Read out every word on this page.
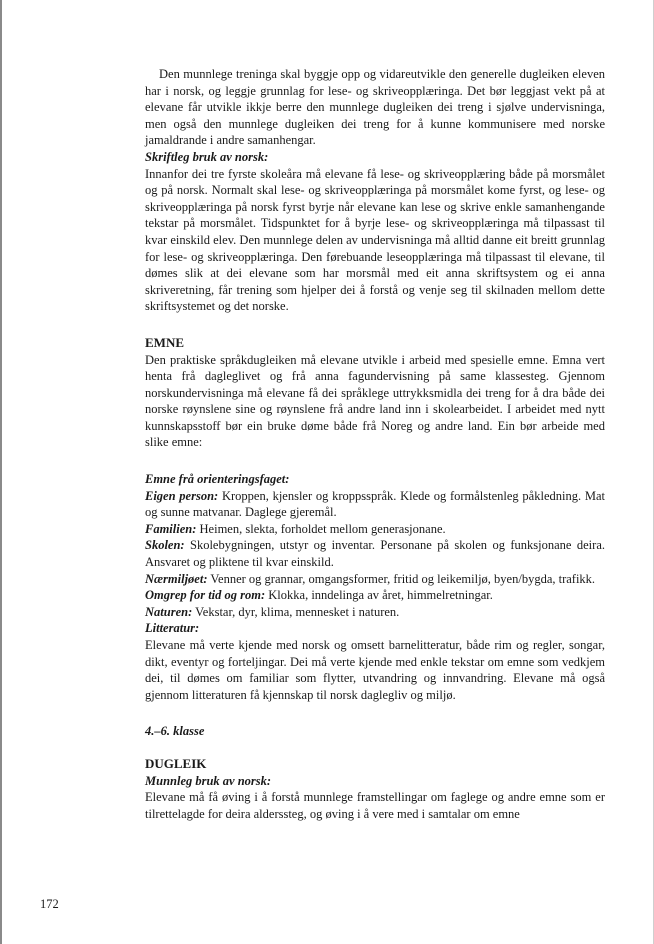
Den munnlege treninga skal byggje opp og vidareutvikle den generelle dugleiken eleven har i norsk, og leggje grunnlag for lese- og skriveopplæringa. Det bør leggjast vekt på at elevane får utvikle ikkje berre den munnlege dugleiken dei treng i sjølve undervisninga, men også den munnlege dugleiken dei treng for å kunne kommunisere med norske jamaldrande i andre samanhengar.

Skriftleg bruk av norsk:

Innanfor dei tre fyrste skoleåra må elevane få lese- og skriveopplæring både på morsmålet og på norsk. Normalt skal lese- og skriveopplæringa på morsmålet kome fyrst, og lese- og skriveopplæringa på norsk fyrst byrje når elevane kan lese og skrive enkle samanhengande tekstar på morsmålet. Tidspunktet for å byrje lese- og skriveopplæringa må tilpassast til kvar einskild elev. Den munnlege delen av undervisninga må alltid danne eit breitt grunnlag for lese- og skriveopplæringa. Den førebuande leseopplæringa må tilpassast til elevane, til dømes slik at dei elevane som har morsmål med eit anna skriftsystem og ei anna skriveretning, får trening som hjelper dei å forstå og venje seg til skilnaden mellom dette skriftsystemet og det norske.

EMNE

Den praktiske språkdugleiken må elevane utvikle i arbeid med spesielle emne. Emna vert henta frå dagleglivet og frå anna fagundervisning på same klassesteg. Gjennom norskundervisninga må elevane få dei språklege uttrykksmidla dei treng for å dra både dei norske røynslene sine og røynslene frå andre land inn i skolearbeidet. I arbeidet med nytt kunnskapsstoff bør ein bruke døme både frå Noreg og andre land. Ein bør arbeide med slike emne:

Emne frå orienteringsfaget:

Eigen person: Kroppen, kjensler og kroppsspråk. Klede og formålstenleg påkledning. Mat og sunne matvanar. Daglege gjeremål.

Familien: Heimen, slekta, forholdet mellom generasjonane.

Skolen: Skolebygningen, utstyr og inventar. Personane på skolen og funksjonane deira. Ansvaret og pliktene til kvar einskild.

Nærmiljøet: Venner og grannar, omgangsformer, fritid og leikemiljø, byen/bygda, trafikk.

Omgrep for tid og rom: Klokka, inndelinga av året, himmelretningar.

Naturen: Vekstar, dyr, klima, mennesket i naturen.

Litteratur:

Elevane må verte kjende med norsk og omsett barnelitteratur, både rim og regler, songar, dikt, eventyr og forteljingar. Dei må verte kjende med enkle tekstar om emne som vedkjem dei, til dømes om familiar som flytter, utvandring og innvandring. Elevane må også gjennom litteraturen få kjennskap til norsk daglegliv og miljø.

4.–6. klasse
DUGLEIK
Munnleg bruk av norsk:

Elevane må få øving i å forstå munnlege framstellingar om faglege og andre emne som er tilrettelagde for deira alderssteg, og øving i å vere med i samtalar om emne

172
